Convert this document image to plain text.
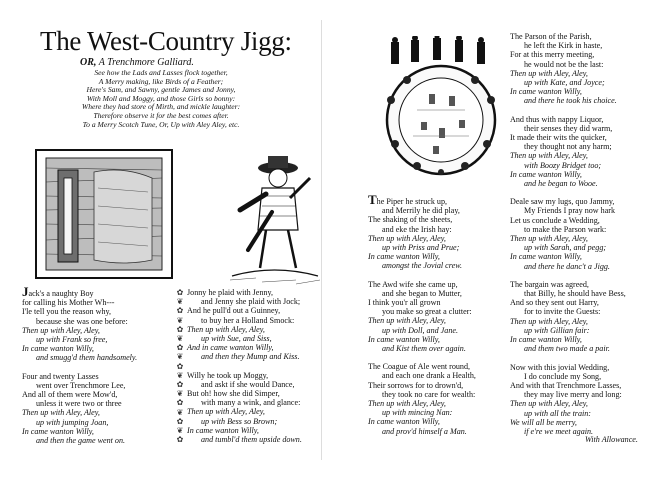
The West-Country Jigg:
OR, A Trenchmore Galliard.
See how the Lads and Lasses flock together,
A Merry making, like Birds of a Feather;
Here's Sam, and Sawny, gentle James and Jonny,
With Moll and Moggy, and those Girls so bonny:
Where they had store of Mirth, and mickle laughter:
Therefore observe it for the best comes after.
To a Merry Scotch Tune, Or, Up with Aley Aley, etc.
Jack's a naughty Boy
for calling his Mother Wh---
I'le tell you the reason why,
because she was one before:
Then up with Aley, Aley,
up with Frank so free,
In came wanton Willy,
and smugg'd them handsomely.
Four and twenty Lasses
went over Trenchmore Lee,
And all of them were Mow'd,
unless it were two or three
Then up with Aley, Aley,
up with jumping Joan,
In came wanton Willy,
and then the game went on.
✿
❦
✿
❦
✿
❦
✿
❦
✿
❦
✿
❦
✿
❦
✿
❦
✿
Jonny he plaid with Jenny,
and Jenny she plaid with Jock;
And he pull'd out a Guinney,
to buy her a Holland Smock:
Then up with Aley, Aley,
up with Sue, and Siss,
And in came wanton Willy,
and then they Mump and Kiss.
Willy he took up Moggy,
and askt if she would Dance,
But oh! how she did Simper,
with many a wink, and glance:
Then up with Aley, Aley,
up with Bess so Brown;
In came wanton Willy,
and tumbl'd them upside down.
The Piper he struck up,
and Merrily he did play,
The shaking of the sheets,
and eke the Irish hay:
Then up with Aley, Aley,
up with Priss and Prue;
In came wanton Willy,
amongst the Jovial crew.
The Awd wife she came up,
and she began to Mutter,
I think you'r all grown
you make so great a clutter:
Then up with Aley, Aley,
up with Doll, and Jane.
In came wanton Willy,
and Kist them over again.
The Coague of Ale went round,
and each one drank a Health,
Their sorrows for to drown'd,
they took no care for wealth:
Then up with Aley, Aley,
up with mincing Nan:
In came wanton Willy,
and prov'd himself a Man.
The Parson of the Parish,
he left the Kirk in haste,
For at this merry meeting,
he would not be the last:
Then up with Aley, Aley,
up with Kate, and Joyce;
In came wanton Willy,
and there he took his choice.
And thus with nappy Liquor,
their senses they did warm,
It made their wits the quicker,
they thought not any harm;
Then up with Aley, Aley,
with Boozy Bridget too;
In came wanton Willy,
and he began to Wooe.
Deale saw my lugs, quo Jammy,
My Friends I pray now hark
Let us conclude a Wedding,
to make the Parson wark:
Then up with Aley, Aley,
up with Sarah, and pegg;
In came wanton Willy,
and there he danc't a Jigg.
The bargain was agreed,
that Billy, he should have Bess,
And so they sent out Harry,
for to invite the Guests:
Then up with Aley, Aley,
up with Gillian fair:
In came wanton Willy,
and them two made a pair.
Now with this jovial Wedding,
I do conclude my Song,
And with that Trenchmore Lasses,
they may live merry and long:
Then up with Aley, Aley,
up with all the train:
We will all be merry,
if e're we meet again.
With Allowance.
